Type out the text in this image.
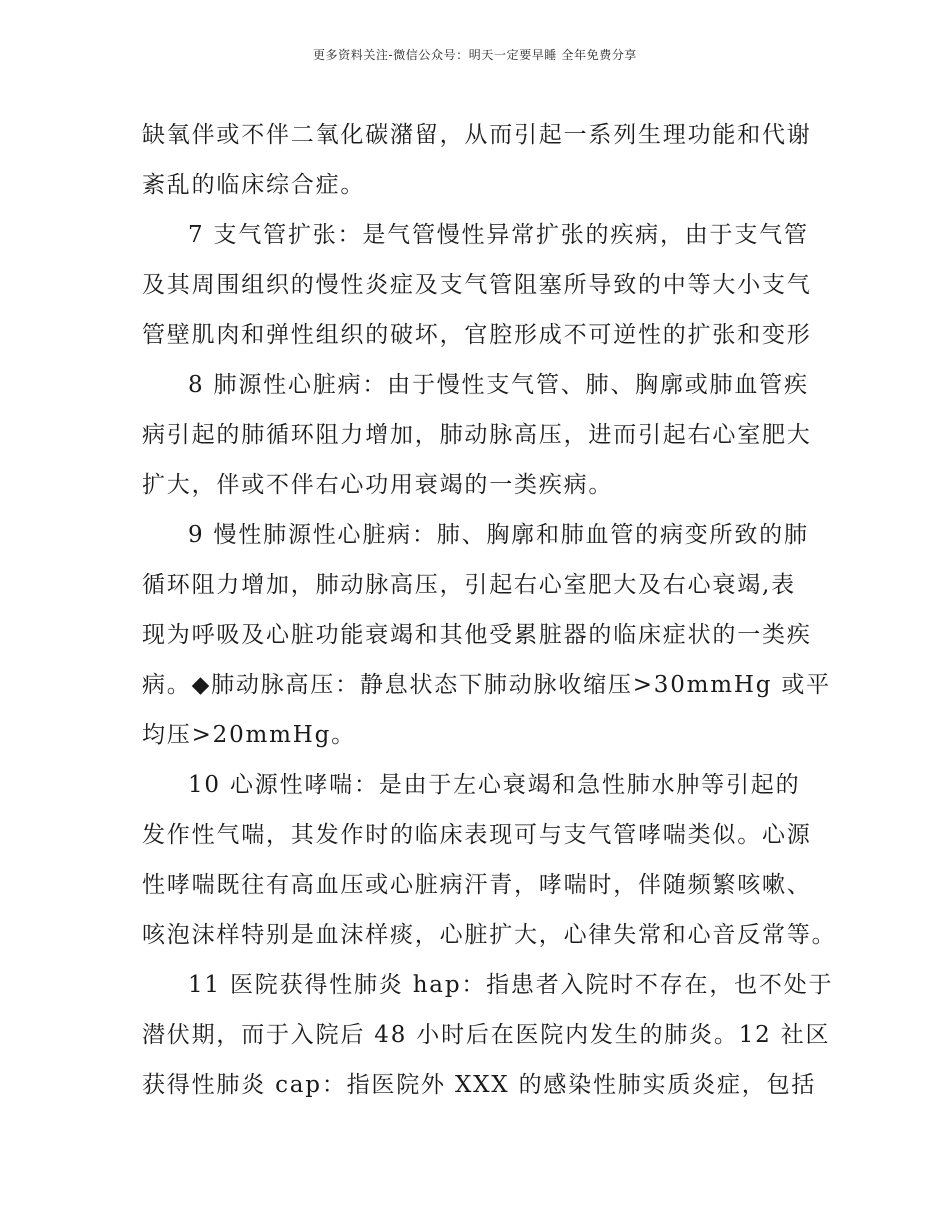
更多资料关注-微信公众号：明天一定要早睡 全年免费分享
缺氧伴或不伴二氧化碳潴留，从而引起一系列生理功能和代谢
紊乱的临床综合症。
7 支气管扩张：是气管慢性异常扩张的疾病，由于支气管
及其周围组织的慢性炎症及支气管阻塞所导致的中等大小支气
管壁肌肉和弹性组织的破坏，官腔形成不可逆性的扩张和变形
8 肺源性心脏病：由于慢性支气管、肺、胸廓或肺血管疾
病引起的肺循环阻力增加，肺动脉高压，进而引起右心室肥大
扩大，伴或不伴右心功用衰竭的一类疾病。
9 慢性肺源性心脏病：肺、胸廓和肺血管的病变所致的肺
循环阻力增加，肺动脉高压，引起右心室肥大及右心衰竭,表
现为呼吸及心脏功能衰竭和其他受累脏器的临床症状的一类疾
病。◆肺动脉高压：静息状态下肺动脉收缩压>30mmHg 或平
均压>20mmHg。
10 心源性哮喘：是由于左心衰竭和急性肺水肿等引起的
发作性气喘，其发作时的临床表现可与支气管哮喘类似。心源
性哮喘既往有高血压或心脏病汗青，哮喘时，伴随频繁咳嗽、
咳泡沫样特别是血沫样痰，心脏扩大，心律失常和心音反常等。
11 医院获得性肺炎 hap：指患者入院时不存在，也不处于
潜伏期，而于入院后 48 小时后在医院内发生的肺炎。12 社区
获得性肺炎 cap：指医院外 XXX 的感染性肺实质炎症，包括
